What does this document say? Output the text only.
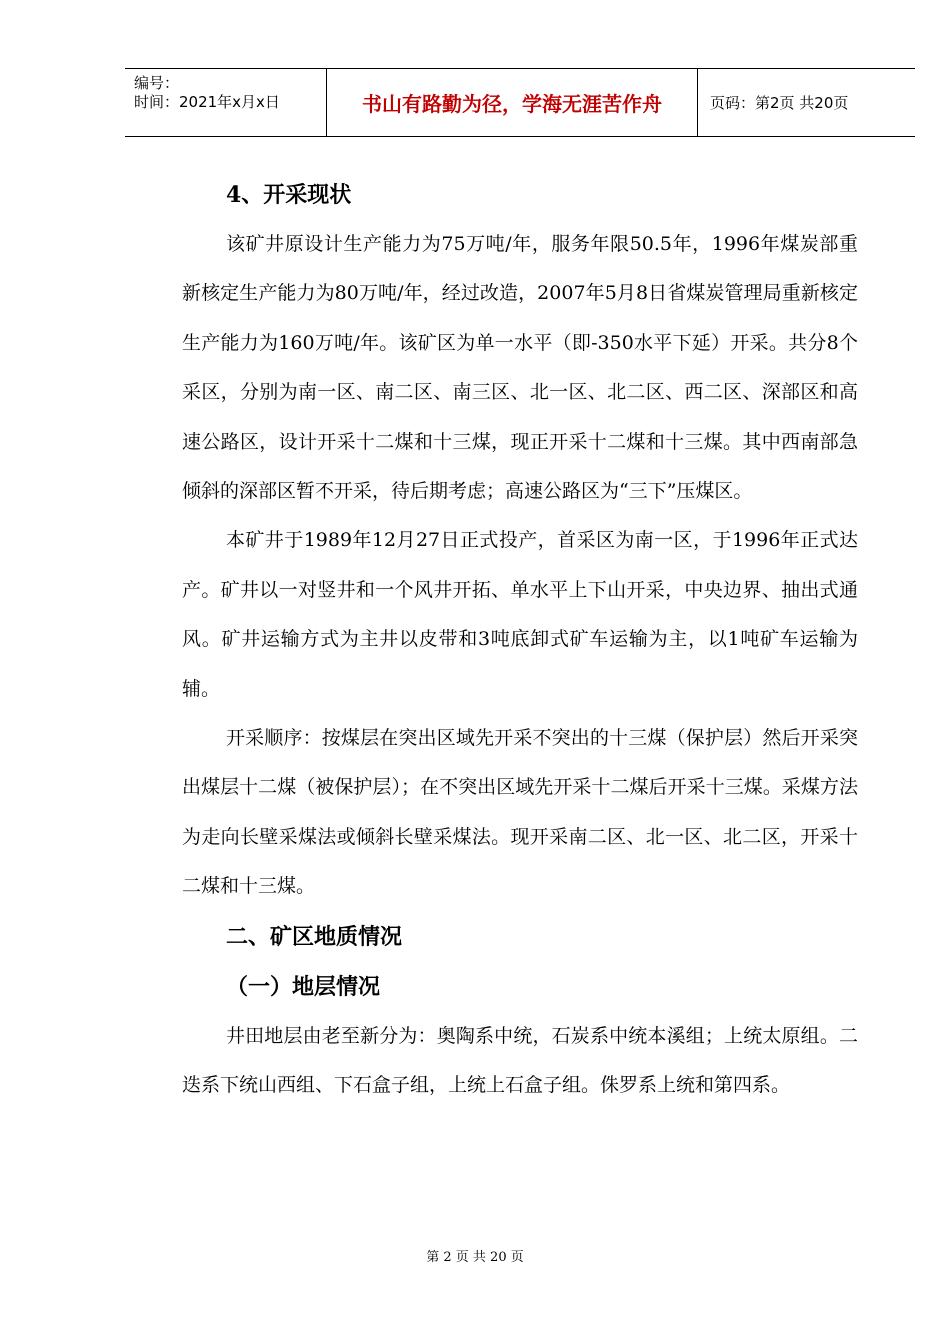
编号：
时间：2021年x月x日	书山有路勤为径，学海无涯苦作舟	页码：第2页 共20页
4、开采现状

该矿井原设计生产能力为75万吨/年，服务年限50.5年，1996年煤炭部重新核定生产能力为80万吨/年，经过改造，2007年5月8日省煤炭管理局重新核定生产能力为160万吨/年。该矿区为单一水平（即-350水平下延）开采。共分8个采区，分别为南一区、南二区、南三区、北一区、北二区、西二区、深部区和高速公路区，设计开采十二煤和十三煤，现正开采十二煤和十三煤。其中西南部急倾斜的深部区暂不开采，待后期考虑；高速公路区为“三下”压煤区。

本矿井于1989年12月27日正式投产，首采区为南一区，于1996年正式达产。矿井以一对竖井和一个风井开拓、单水平上下山开采，中央边界、抽出式通风。矿井运输方式为主井以皮带和3吨底卸式矿车运输为主，以1吨矿车运输为辅。

开采顺序：按煤层在突出区域先开采不突出的十三煤（保护层）然后开采突出煤层十二煤（被保护层）；在不突出区域先开采十二煤后开采十三煤。采煤方法为走向长壁采煤法或倾斜长壁采煤法。现开采南二区、北一区、北二区，开采十二煤和十三煤。

二、矿区地质情况
（一）地层情况

井田地层由老至新分为：奥陶系中统，石炭系中统本溪组；上统太原组。二迭系下统山西组、下石盒子组，上统上石盒子组。侏罗系上统和第四系。

第 2 页 共 20 页
